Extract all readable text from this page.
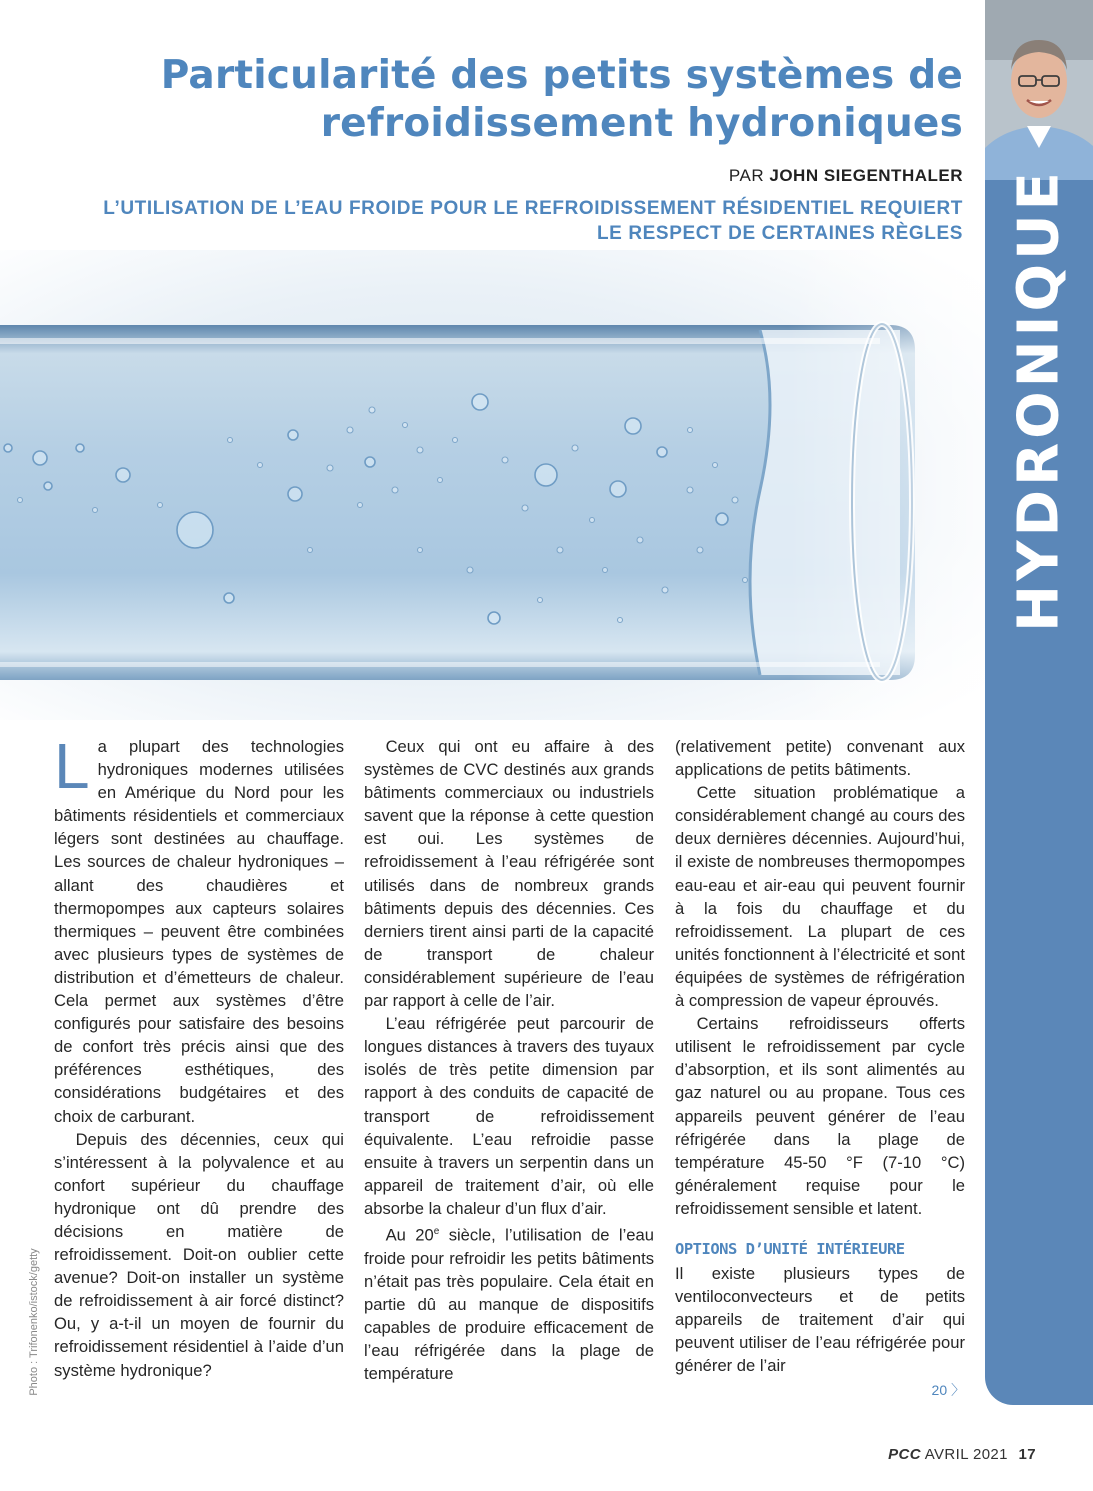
Particularité des petits systèmes de refroidissement hydroniques
PAR JOHN SIEGENTHALER

L’UTILISATION DE L’EAU FROIDE POUR LE REFROIDISSEMENT RÉSIDENTIEL REQUIERT LE RESPECT DE CERTAINES RÈGLES HYDRONIQUE

La plupart des technologies hydroniques modernes utilisées en Amérique du Nord pour les bâtiments résidentiels et commerciaux légers sont destinées au chauffage. Les sources de chaleur hydroniques – allant des chaudières et thermopompes aux capteurs solaires thermiques – peuvent être combinées avec plusieurs types de systèmes de distribution et d’émetteurs de chaleur. Cela permet aux systèmes d’être configurés pour satisfaire des besoins de confort très précis ainsi que des préférences esthétiques, des considérations budgétaires et des choix de carburant.

Depuis des décennies, ceux qui s’intéressent à la polyvalence et au confort supérieur du chauffage hydronique ont dû prendre des décisions en matière de refroidissement. Doit-on oublier cette avenue? Doit-on installer un système de refroidissement à air forcé distinct? Ou, y a-t-il un moyen de fournir du refroidissement résidentiel à l’aide d’un système hydronique?

Ceux qui ont eu affaire à des systèmes de CVC destinés aux grands bâtiments commerciaux ou industriels savent que la réponse à cette question est oui. Les systèmes de refroidissement à l’eau réfrigérée sont utilisés dans de nombreux grands bâtiments depuis des décennies. Ces derniers tirent ainsi parti de la capacité de transport de chaleur considérablement supérieure de l’eau par rapport à celle de l’air.

L’eau réfrigérée peut parcourir de longues distances à travers des tuyaux isolés de très petite dimension par rapport à des conduits de capacité de transport de refroidissement équivalente. L’eau refroidie passe ensuite à travers un serpentin dans un appareil de traitement d’air, où elle absorbe la chaleur d’un flux d’air.

Au 20e siècle, l’utilisation de l’eau froide pour refroidir les petits bâtiments n’était pas très populaire. Cela était en partie dû au manque de dispositifs capables de produire efficacement de l’eau réfrigérée dans la plage de température

(relativement petite) convenant aux applications de petits bâtiments.

Cette situation problématique a considérablement changé au cours des deux dernières décennies. Aujourd’hui, il existe de nombreuses thermopompes eau-eau et air-eau qui peuvent fournir à la fois du chauffage et du refroidissement. La plupart de ces unités fonctionnent à l’électricité et sont équipées de systèmes de réfrigération à compression de vapeur éprouvés.

Certains refroidisseurs offerts utilisent le refroidissement par cycle d’absorption, et ils sont alimentés au gaz naturel ou au propane. Tous ces appareils peuvent générer de l’eau réfrigérée dans la plage de température 45-50 °F (7-10 °C) généralement requise pour le refroidissement sensible et latent.

OPTIONS D’UNITÉ INTÉRIEURE

Il existe plusieurs types de ventiloconvecteurs et de petits appareils de traitement d’air qui peuvent utiliser de l’eau réfrigérée pour générer de l’air

20 〉
Photo : Trifonenko/istock/getty
PCC AVRIL 2021 17
